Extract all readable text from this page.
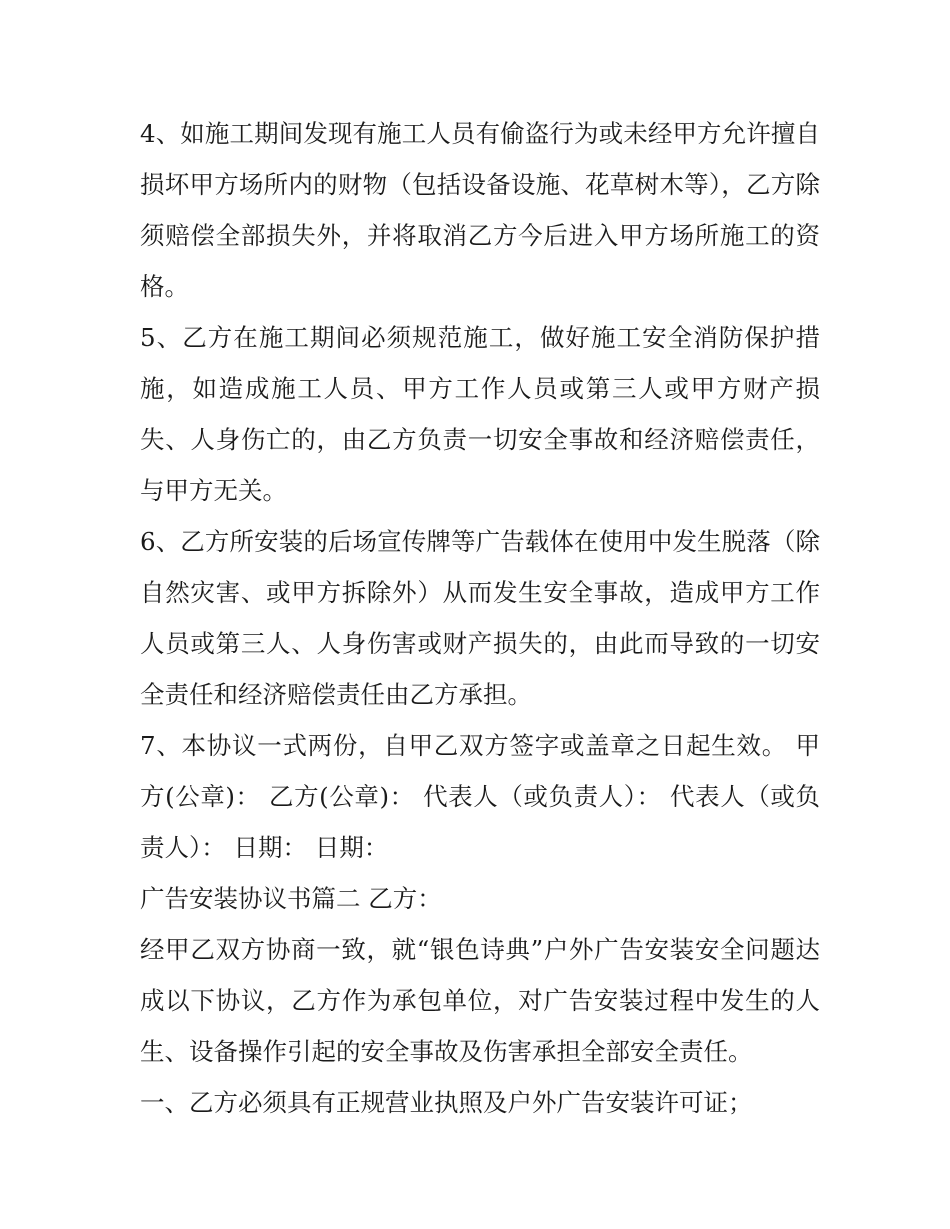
4、如施工期间发现有施工人员有偷盗行为或未经甲方允许擅自损坏甲方场所内的财物（包括设备设施、花草树木等），乙方除须赔偿全部损失外，并将取消乙方今后进入甲方场所施工的资格。

5、乙方在施工期间必须规范施工，做好施工安全消防保护措施，如造成施工人员、甲方工作人员或第三人或甲方财产损失、人身伤亡的，由乙方负责一切安全事故和经济赔偿责任，与甲方无关。

6、乙方所安装的后场宣传牌等广告载体在使用中发生脱落（除自然灾害、或甲方拆除外）从而发生安全事故，造成甲方工作人员或第三人、人身伤害或财产损失的，由此而导致的一切安全责任和经济赔偿责任由乙方承担。

7、本协议一式两份，自甲乙双方签字或盖章之日起生效。 甲方(公章)： 乙方(公章)： 代表人（或负责人）： 代表人（或负责人）： 日期： 日期：

广告安装协议书篇二 乙方：

经甲乙双方协商一致，就“银色诗典”户外广告安装安全问题达成以下协议，乙方作为承包单位，对广告安装过程中发生的人生、设备操作引起的安全事故及伤害承担全部安全责任。

一、乙方必须具有正规营业执照及户外广告安装许可证；
